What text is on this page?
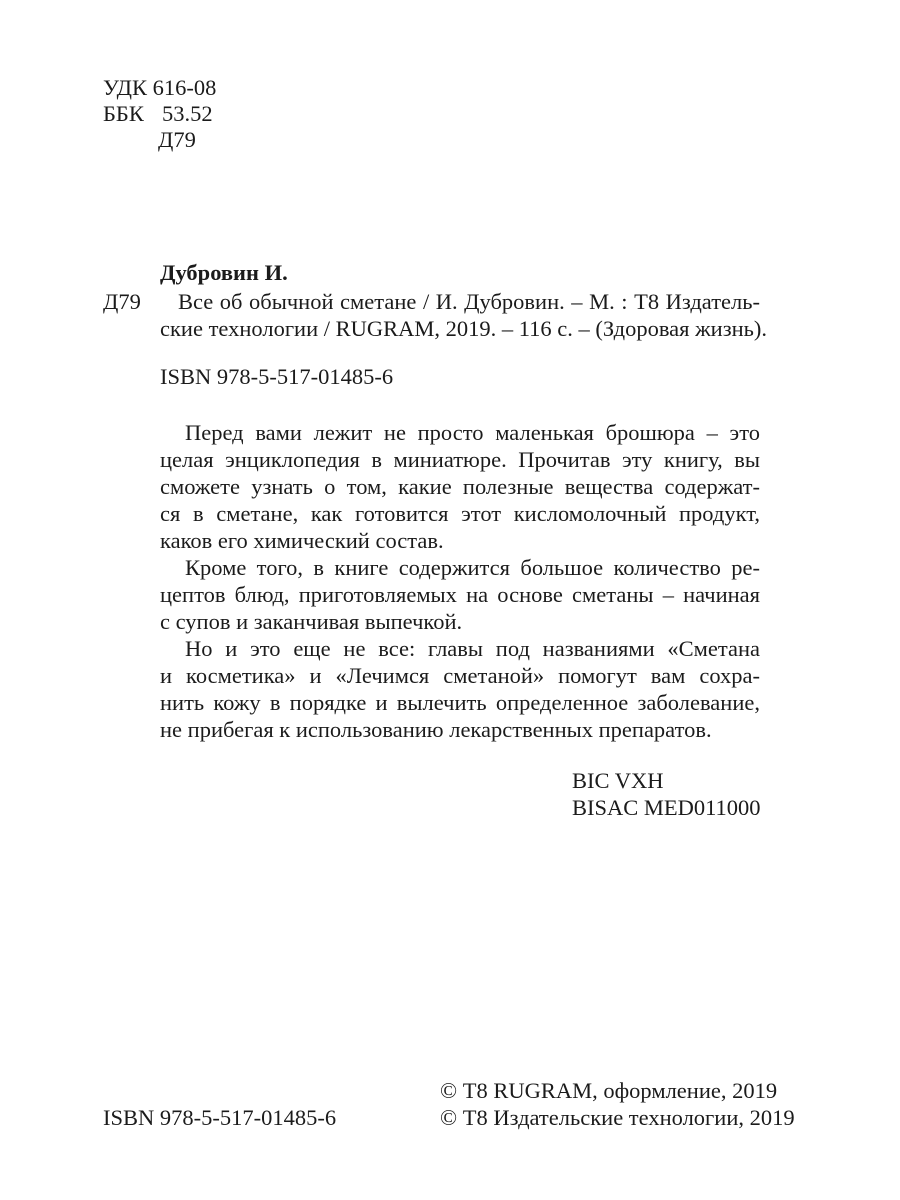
УДК 616-08
ББК 53.52
Д79
Дубровин И.
Д79 Все об обычной сметане / И. Дубровин. – М. : Т8 Издатель-
ские технологии / RUGRAM, 2019. – 116 с. – (Здоровая жизнь).
ISBN 978-5-517-01485-6
Перед вами лежит не просто маленькая брошюра – это
целая энциклопедия в миниатюре. Прочитав эту книгу, вы
сможете узнать о том, какие полезные вещества содержат-
ся в сметане, как готовится этот кисломолочный продукт,
каков его химический состав.
Кроме того, в книге содержится большое количество ре-
цептов блюд, приготовляемых на основе сметаны – начиная
с супов и заканчивая выпечкой.
Но и это еще не все: главы под названиями «Сметана
и косметика» и «Лечимся сметаной» помогут вам сохра-
нить кожу в порядке и вылечить определенное заболевание,
не прибегая к использованию лекарственных препаратов.
BIC VXH
BISAC MED011000
ISBN 978-5-517-01485-6
© Т8 RUGRAM, оформление, 2019
© Т8 Издательские технологии, 2019
